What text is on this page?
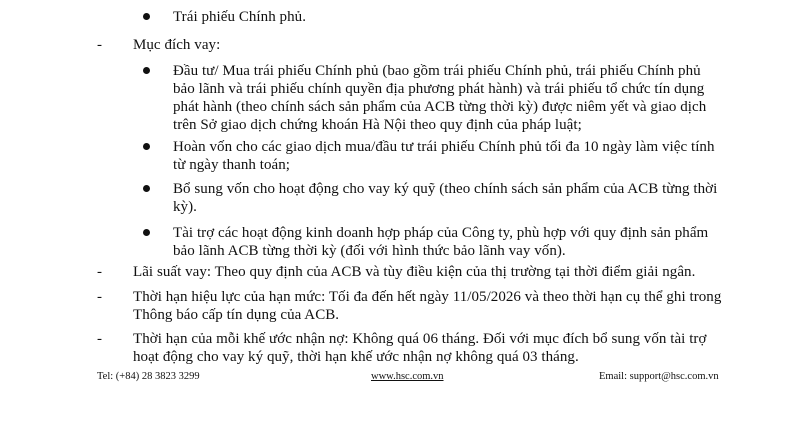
Trái phiếu Chính phủ.
- Mục đích vay:
Đầu tư/ Mua trái phiếu Chính phủ (bao gồm trái phiếu Chính phủ, trái phiếu Chính phủ
bảo lãnh và trái phiếu chính quyền địa phương phát hành) và trái phiếu tổ chức tín dụng
phát hành (theo chính sách sản phẩm của ACB từng thời kỳ) được niêm yết và giao dịch
trên Sở giao dịch chứng khoán Hà Nội theo quy định của pháp luật;
Hoàn vốn cho các giao dịch mua/đầu tư trái phiếu Chính phủ tối đa 10 ngày làm việc tính
từ ngày thanh toán;
Bổ sung vốn cho hoạt động cho vay ký quỹ (theo chính sách sản phẩm của ACB từng thời
kỳ).
Tài trợ các hoạt động kinh doanh hợp pháp của Công ty, phù hợp với quy định sản phẩm
bảo lãnh ACB từng thời kỳ (đối với hình thức bảo lãnh vay vốn).
- Lãi suất vay: Theo quy định của ACB và tùy điều kiện của thị trường tại thời điểm giải ngân.
- Thời hạn hiệu lực của hạn mức: Tối đa đến hết ngày 11/05/2026 và theo thời hạn cụ thể ghi trong
Thông báo cấp tín dụng của ACB.
- Thời hạn của mỗi khế ước nhận nợ: Không quá 06 tháng. Đối với mục đích bổ sung vốn tài trợ
hoạt động cho vay ký quỹ, thời hạn khế ước nhận nợ không quá 03 tháng.
Tel: (+84) 28 3823 3299	www.hsc.com.vn	Email: support@hsc.com.vn
